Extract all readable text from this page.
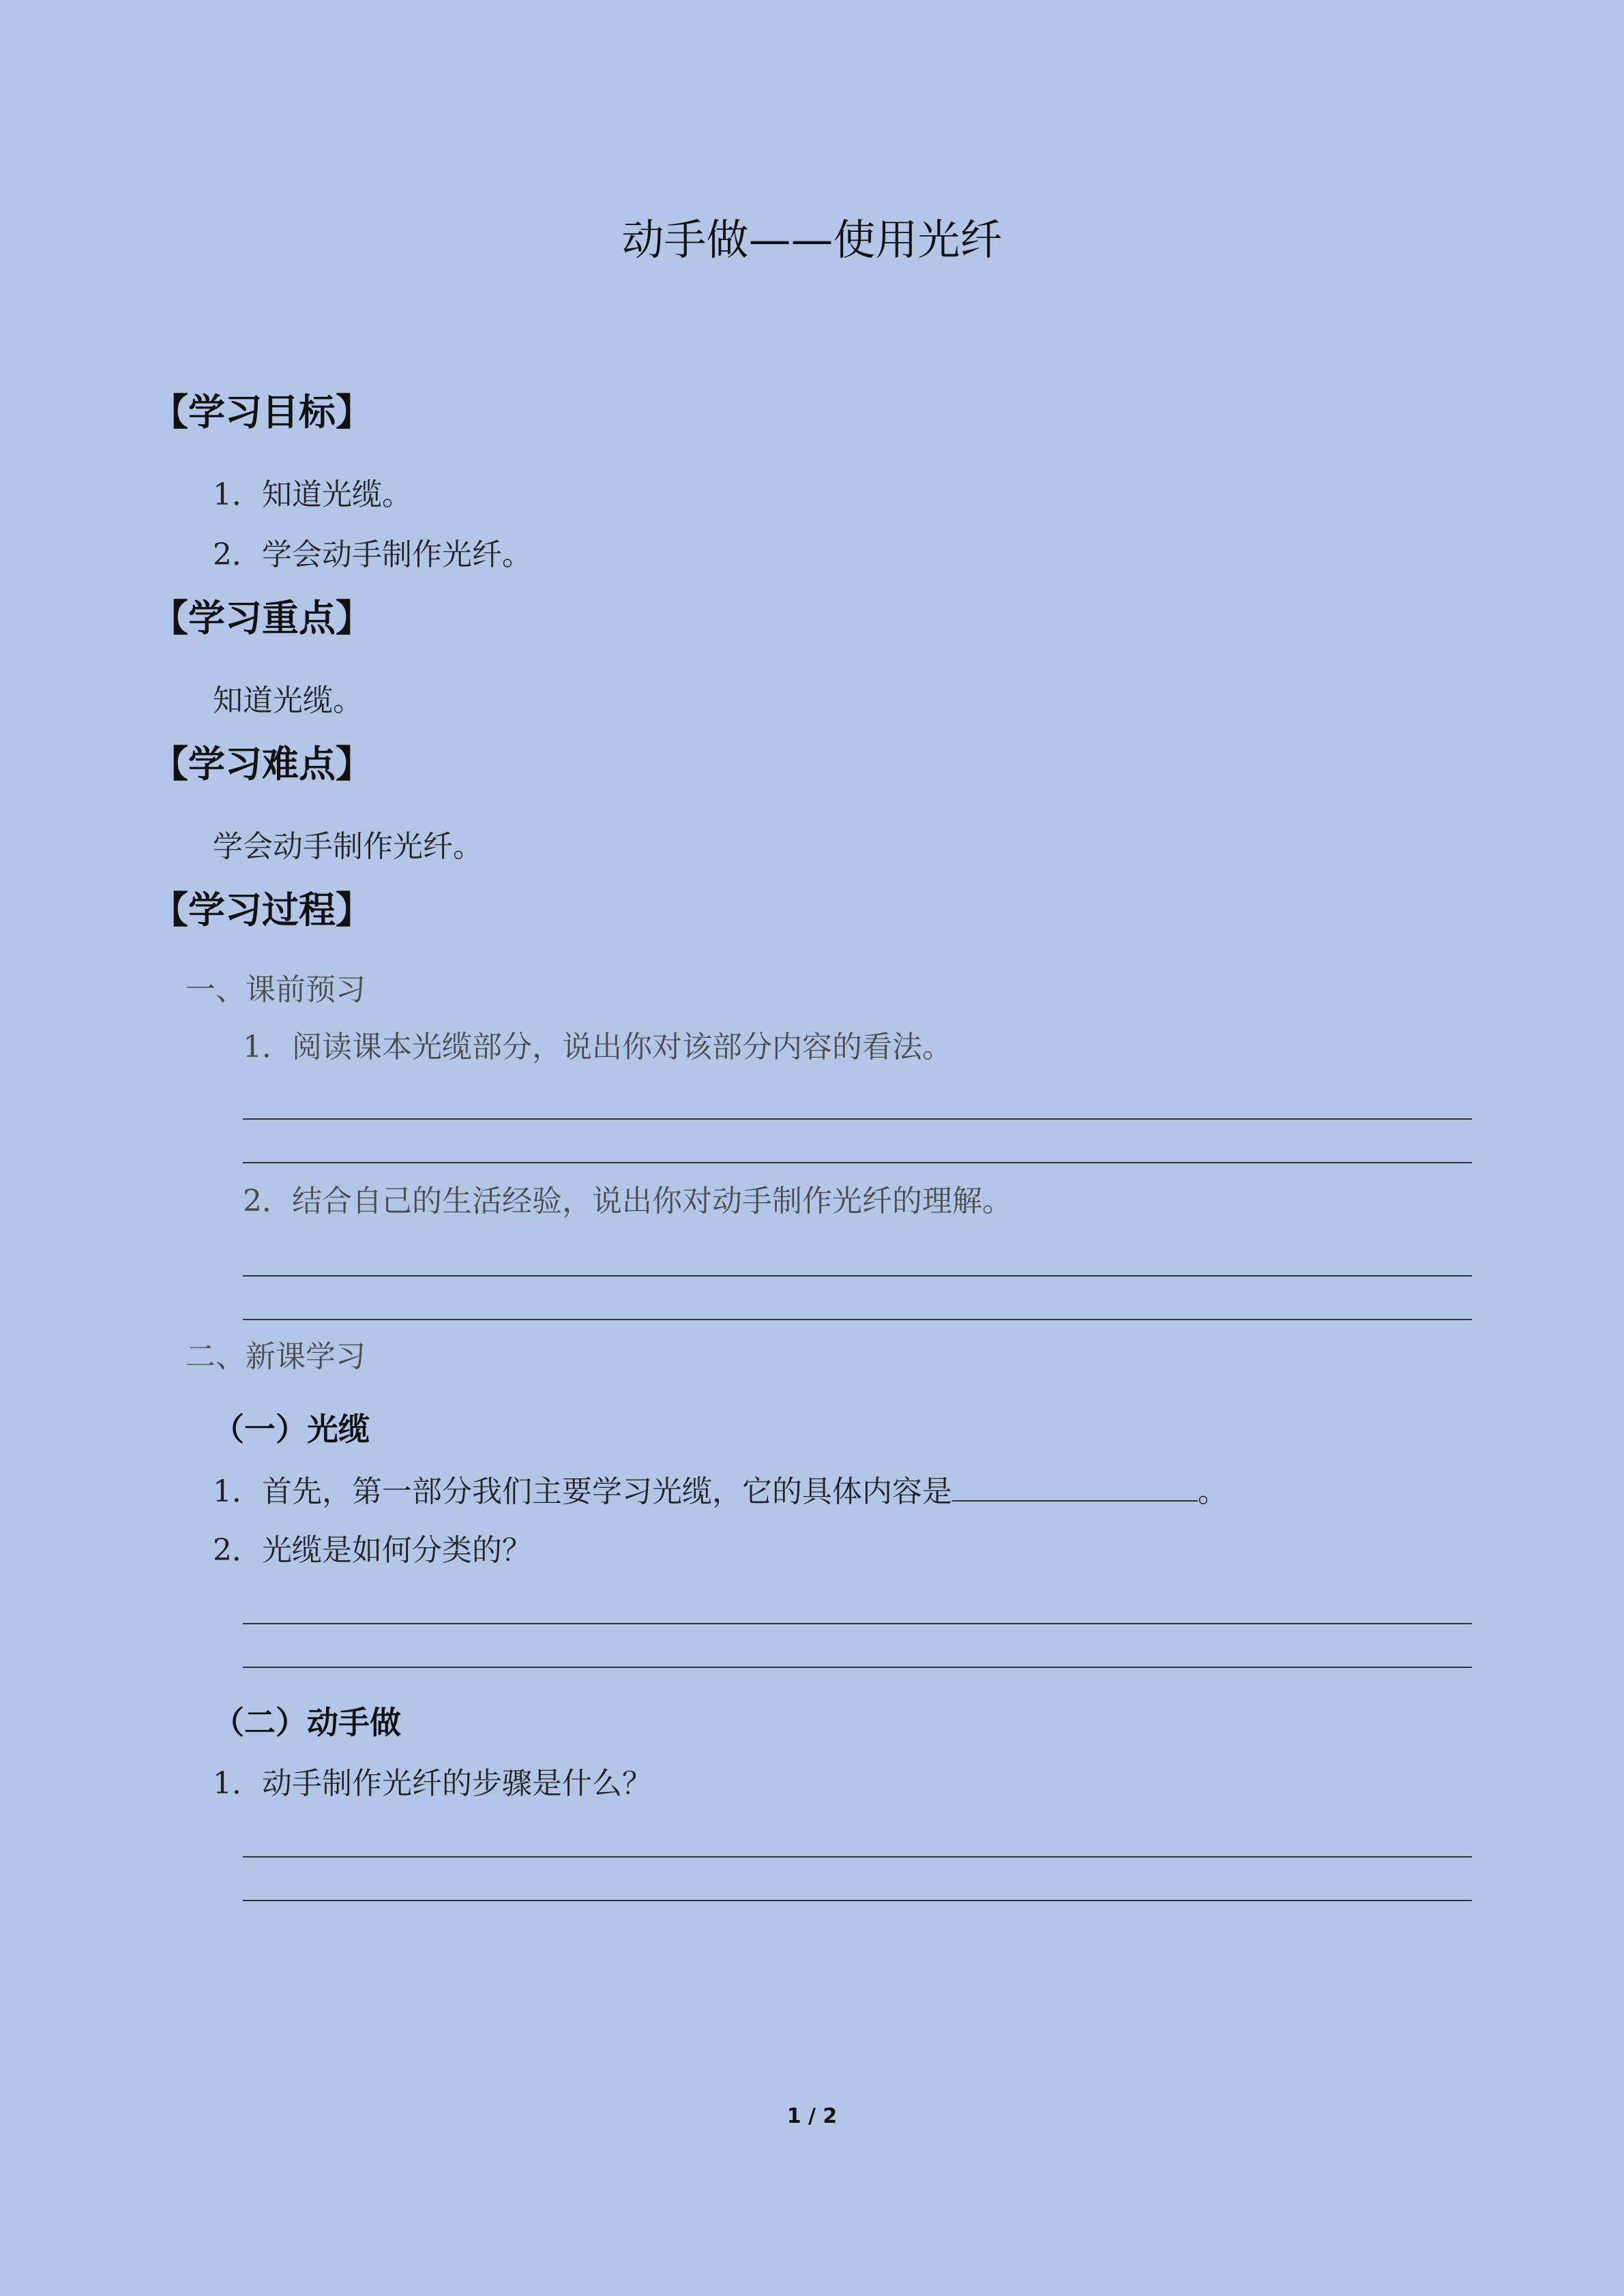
动手做——使用光纤
【学习目标】
1．知道光缆。
2．学会动手制作光纤。
【学习重点】
知道光缆。
【学习难点】
学会动手制作光纤。
【学习过程】
一、课前预习
1．阅读课本光缆部分，说出你对该部分内容的看法。
2．结合自己的生活经验，说出你对动手制作光纤的理解。
二、新课学习
（一）光缆
1．首先，第一部分我们主要学习光缆，它的具体内容是	。
2．光缆是如何分类的？
（二）动手做
1．动手制作光纤的步骤是什么？
1 / 2
